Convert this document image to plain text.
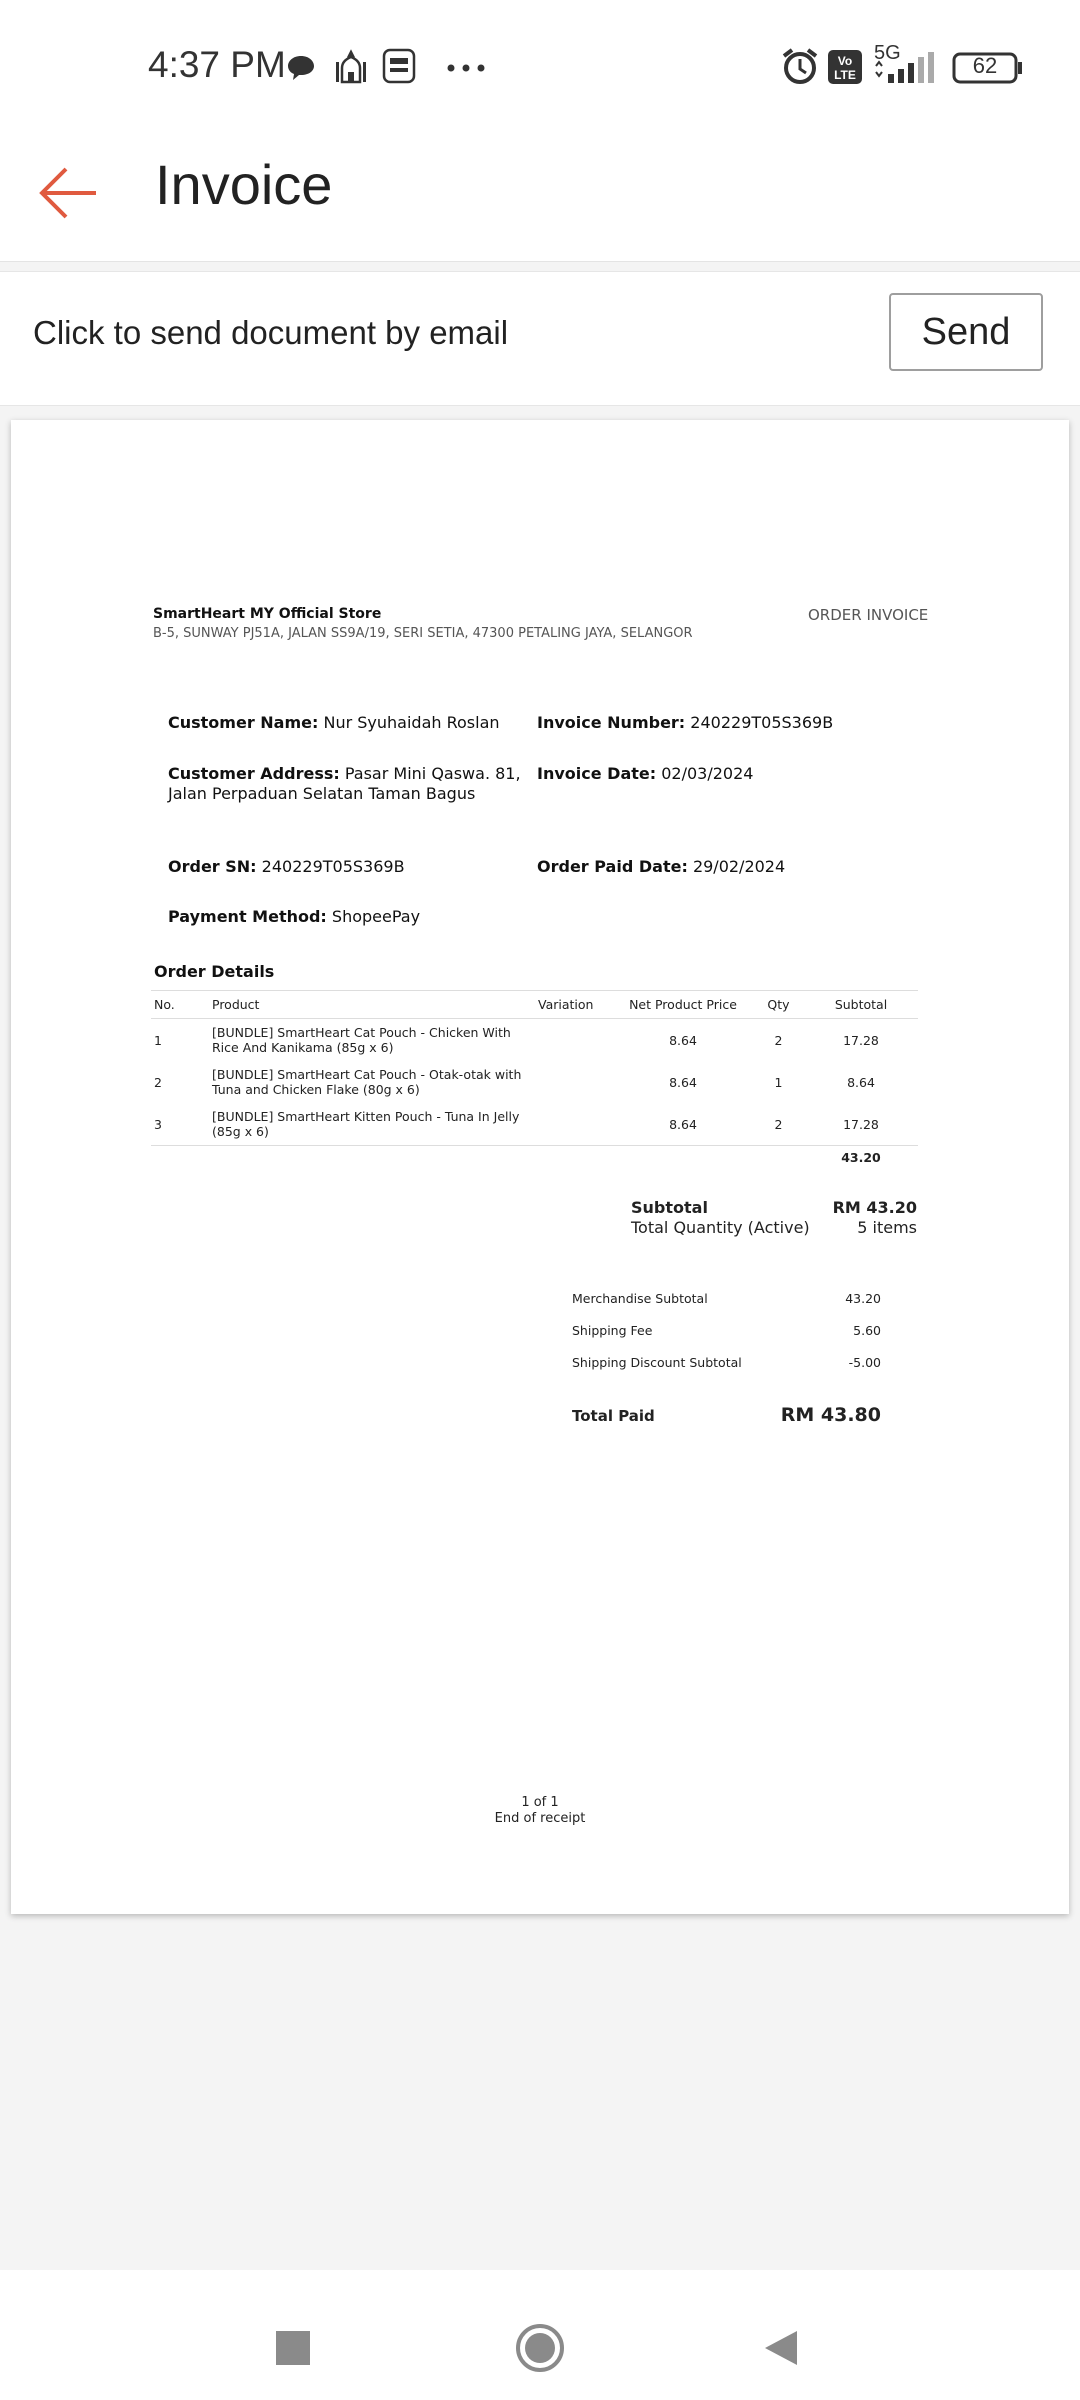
4:37 PM	Vo
LTE
5G	62
Invoice
Click to send document by email	Send
SmartHeart MY Official Store
B-5, SUNWAY PJ51A, JALAN SS9A/19, SERI SETIA, 47300 PETALING JAYA, SELANGOR
ORDER INVOICE
Customer Name: Nur Syuhaidah Roslan Invoice Number: 240229T05S369B
Customer Address: Pasar Mini Qaswa. 81, Jalan Perpaduan Selatan Taman Bagus
Invoice Date: 02/03/2024
Order SN: 240229T05S369B	Order Paid Date: 29/02/2024
Payment Method: ShopeePay
Order Details
No.	Product	Variation	Net Product Price	Qty	Subtotal
1	[BUNDLE] SmartHeart Cat Pouch - Chicken With Rice And Kanikama (85g x 6)		8.64	2	17.28
2	[BUNDLE] SmartHeart Cat Pouch - Otak-otak with Tuna and Chicken Flake (80g x 6)		8.64	1	8.64
3	[BUNDLE] SmartHeart Kitten Pouch - Tuna In Jelly (85g x 6)		8.64	2	17.28
					43.20
Subtotal	RM 43.20
Total Quantity (Active)	5 items
Merchandise Subtotal	43.20
Shipping Fee	5.60
Shipping Discount Subtotal	-5.00
Total Paid	RM 43.80
1 of 1
End of receipt
